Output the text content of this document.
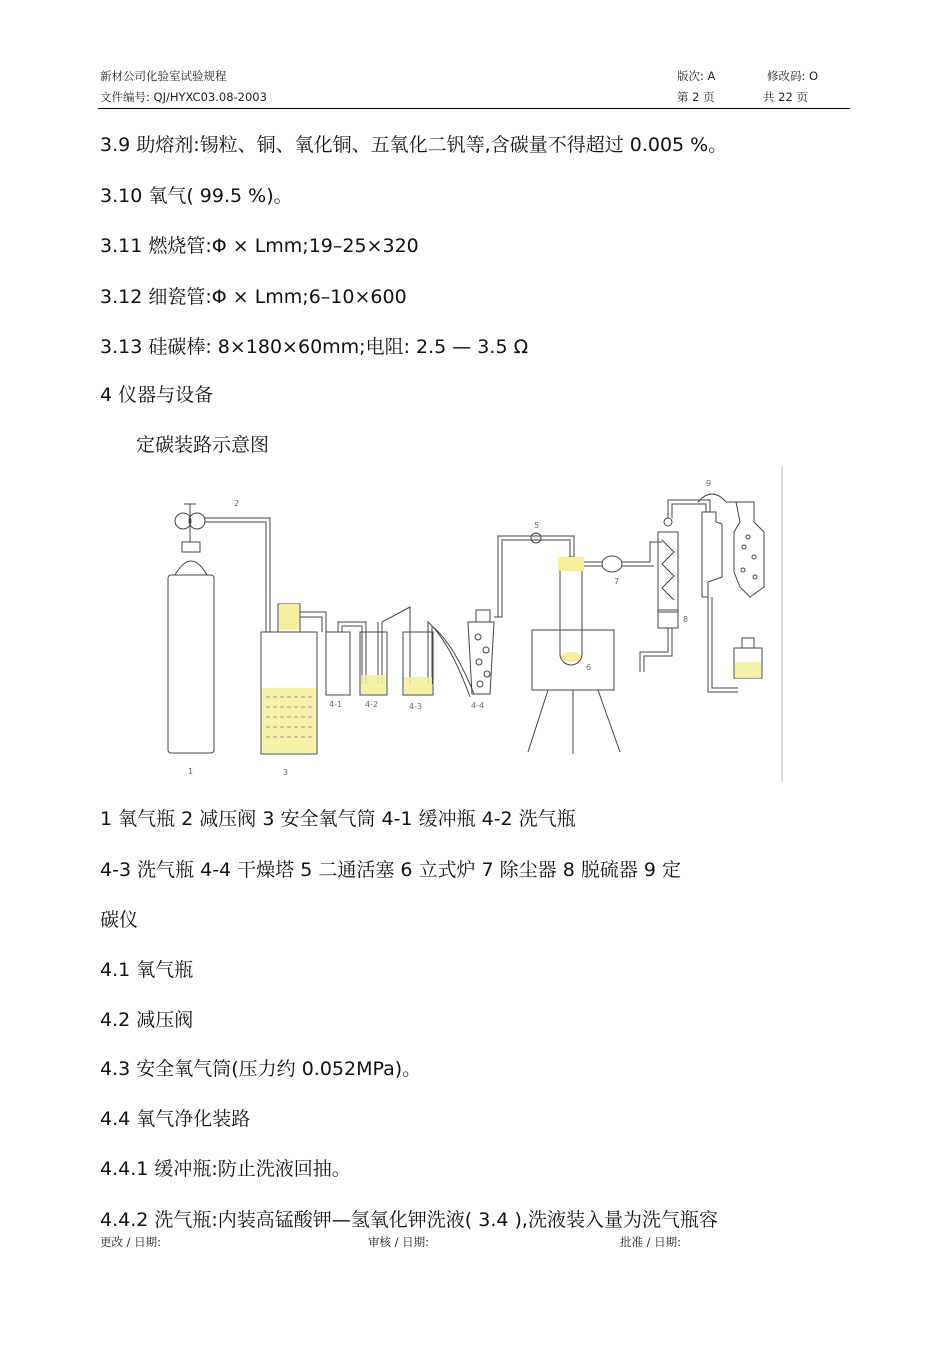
新材公司化验室试验规程
文件编号: QJ/HYXC03.08-2003
版次: A	修改码: O
第 2 页	共 22 页
3.9 助熔剂:锡粒、铜、氧化铜、五氧化二钒等,含碳量不得超过 0.005 %。
3.10 氧气( 99.5 %)。
3.11 燃烧管:Φ × Lmm;19–25×320
3.12 细瓷管:Φ × Lmm;6–10×600
3.13 硅碳棒: 8×180×60mm;电阻: 2.5 — 3.5 Ω
4 仪器与设备
定碳装路示意图
1
2
3
4-1	4-2	4-3	4-4
5
6
7
8
9
1 氧气瓶 2 减压阀 3 安全氧气筒 4-1 缓冲瓶 4-2 洗气瓶
4-3 洗气瓶 4-4 干燥塔 5 二通活塞 6 立式炉 7 除尘器 8 脱硫器 9 定
碳仪
4.1 氧气瓶
4.2 减压阀
4.3 安全氧气筒(压力约 0.052MPa)。
4.4 氧气净化装路
4.4.1 缓冲瓶:防止洗液回抽。
4.4.2 洗气瓶:内装高锰酸钾—氢氧化钾洗液( 3.4 ),洗液装入量为洗气瓶容
更改 / 日期:	审核 / 日期:	批准 / 日期:
